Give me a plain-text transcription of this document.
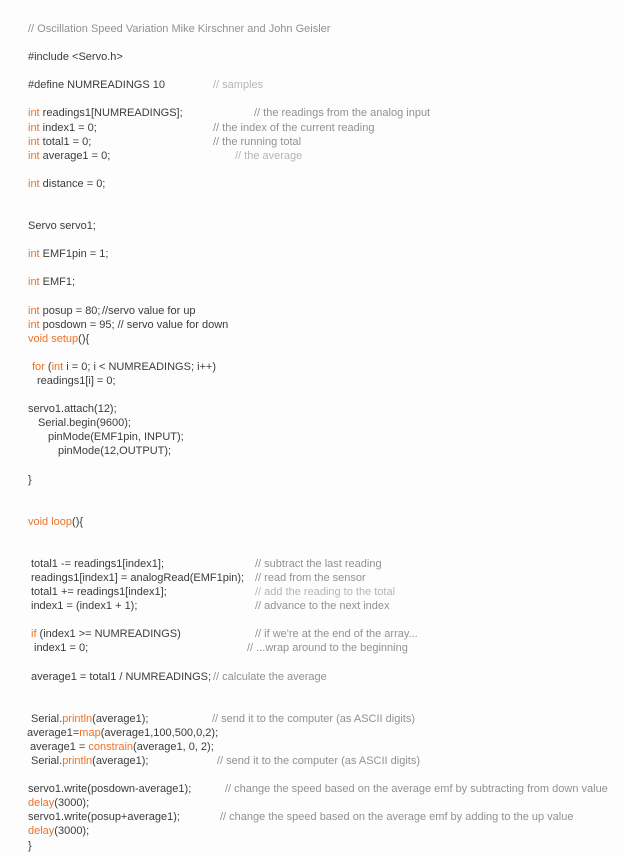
// Oscillation Speed Variation Mike Kirschner and John Geisler
#include <Servo.h>
#define NUMREADINGS 10	// samples
int readings1[NUMREADINGS];	// the readings from the analog input
int index1 = 0;	// the index of the current reading
int total1 = 0;	// the running total
int average1 = 0;	// the average
int distance = 0;
Servo servo1;
int EMF1pin = 1;
int EMF1;
int posup = 80; //servo value for up
int posdown = 95; // servo value for down
void setup(){
for (int i = 0; i < NUMREADINGS; i++)
readings1[i] = 0;
servo1.attach(12);
Serial.begin(9600);
pinMode(EMF1pin, INPUT);
pinMode(12,OUTPUT);
}
void loop(){
total1 -= readings1[index1];	// subtract the last reading
readings1[index1] = analogRead(EMF1pin); // read from the sensor
total1 += readings1[index1];	// add the reading to the total
index1 = (index1 + 1);	// advance to the next index
if (index1 >= NUMREADINGS)	// if we're at the end of the array...
index1 = 0;	// ...wrap around to the beginning
average1 = total1 / NUMREADINGS; // calculate the average
Serial.println(average1);	// send it to the computer (as ASCII digits)
average1=map(average1,100,500,0,2);
average1 = constrain(average1, 0, 2);
Serial.println(average1);	// send it to the computer (as ASCII digits)
servo1.write(posdown-average1);	// change the speed based on the average emf by subtracting from down value
delay(3000);
servo1.write(posup+average1);	// change the speed based on the average emf by adding to the up value
delay(3000);
}
